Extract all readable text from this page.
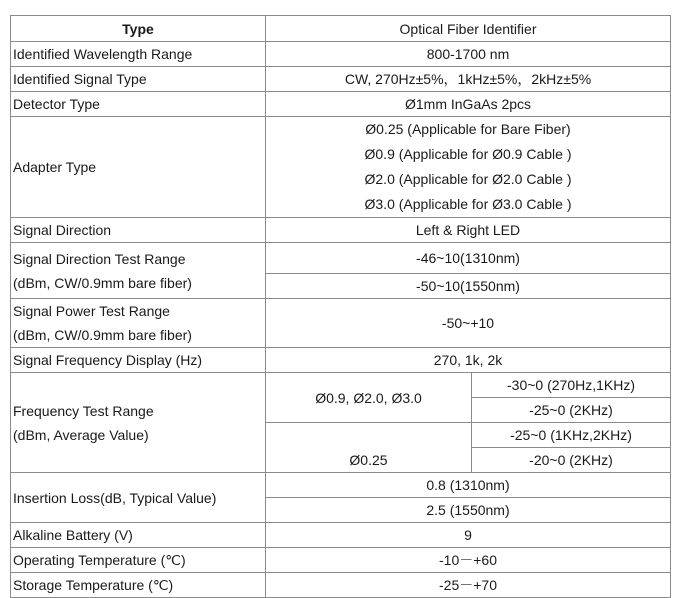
Type	Optical Fiber Identifier	
Identified Wavelength Range	800-1700 nm	
Identified Signal Type	CW, 270Hz±5%，1kHz±5%，2kHz±5%	
Detector Type	Ø1mm InGaAs 2pcs	
Adapter Type	Ø0.25 (Applicable for Bare Fiber)
Ø0.9 (Applicable for Ø0.9 Cable )
Ø2.0 (Applicable for Ø2.0 Cable )
Ø3.0 (Applicable for Ø3.0 Cable )	

Signal Direction	Left & Right LED	

Signal Direction Test Range
(dBm, CW/0.9mm bare fiber)	-46~10(1310nm)	
	-50~10(1550nm)	

Signal Power Test Range
(dBm, CW/0.9mm bare fiber)	-50~+10	
Signal Frequency Display (Hz)	270, 1k, 2k	

Frequency Test Range
(dBm, Average Value)	Ø0.9, Ø2.0, Ø3.0	-30~0 (270Hz,1KHz)
		-25~0 (2KHz)
	Ø0.25	-25~0 (1KHz,2KHz)
		-20~0 (2KHz)
Insertion Loss(dB, Typical Value)	0.8 (1310nm)	
	2.5 (1550nm)	
Alkaline Battery (V)	9	
Operating Temperature (℃)	-10－+60	
Storage Temperature (℃)	-25－+70	
